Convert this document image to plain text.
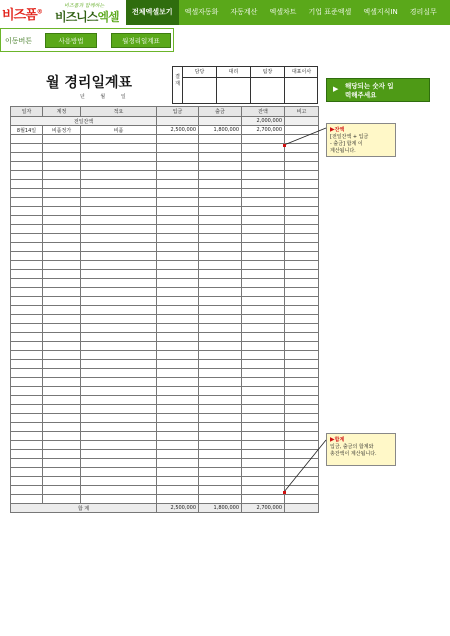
비즈폼®
비즈폼과 함께하는
비즈니스엑셀	전체엑셀보기	엑셀자동화	자동계산	엑셀차트	기업 표준엑셀	엑셀지식IN	경리실무
이동버튼	사용방법	월경리일계표
월 경리일계표
년 월 일
결재
담당	대리	팀장	대표이사
일자	계정	적요	입금	출금	잔액	비고
전일잔액					2,000,000	
8월14일	비품정가	비품	2,500,000	1,800,000	2,700,000	

합 계			2,500,000	1,800,000	2,700,000	
▶ 해당되는 숫자 입
력해주세요
▶잔액
[전일잔액 + 입금
- 출금] 합계 이
계산됩니다.
▶합계
입금, 출금의 합계와
총잔액이 계산됩니다.
